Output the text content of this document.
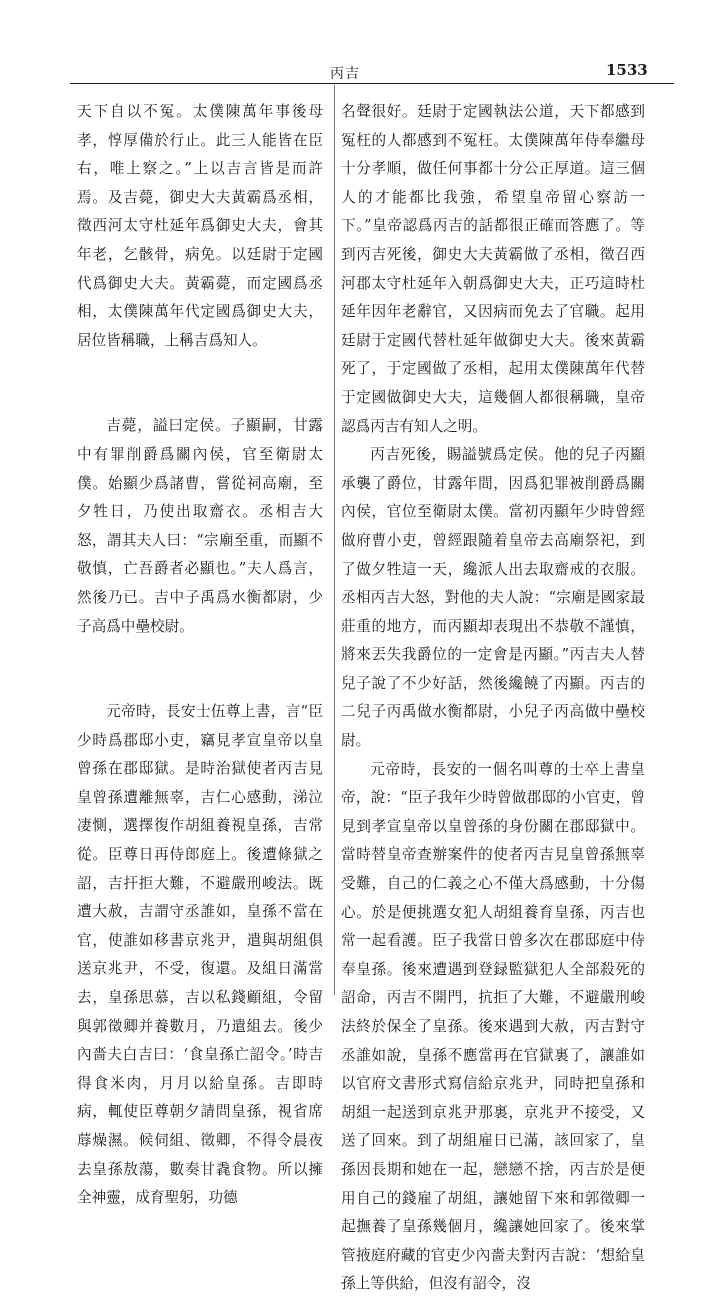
丙吉	1533

天下自以不冤。太僕陳萬年事後母孝，惇厚備於行止。此三人能皆在臣右，唯上察之。”上以吉言皆是而許焉。及吉薨，御史大夫黃霸爲丞相，徵西河太守杜延年爲御史大夫，會其年老，乞骸骨，病免。以廷尉于定國代爲御史大夫。黃霸薨，而定國爲丞相，太僕陳萬年代定國爲御史大夫，居位皆稱職，上稱吉爲知人。

吉薨，謚曰定侯。子顯嗣，甘露中有罪削爵爲關內侯，官至衛尉太僕。始顯少爲諸曹，嘗從祠高廟，至夕牲日，乃使出取齋衣。丞相吉大怒，謂其夫人曰：“宗廟至重，而顯不敬慎，亡吾爵者必顯也。”夫人爲言，然後乃已。吉中子禹爲水衡都尉，少子高爲中壘校尉。

元帝時，長安士伍尊上書，言“臣少時爲郡邸小吏，竊見孝宣皇帝以皇曾孫在郡邸獄。是時治獄使者丙吉見皇曾孫遭離無辜，吉仁心感動，涕泣凄惻，選擇復作胡組養視皇孫，吉常從。臣尊日再侍郎庭上。後遭條獄之詔，吉扞拒大難，不避嚴刑峻法。既遭大赦，吉謂守丞誰如，皇孫不當在官，使誰如移書京兆尹，遣與胡組俱送京兆尹，不受，復還。及組日滿當去，皇孫思慕，吉以私錢顧組，令留與郭徵卿并養數月，乃遣組去。後少內嗇夫白吉曰：‘食皇孫亡詔令。’時吉得食米肉，月月以給皇孫。吉即時病，輒使臣尊朝夕請問皇孫，視省席蓐燥濕。候伺組、徵卿，不得令晨夜去皇孫敖蕩，數奏甘毳食物。所以擁全神靈，成育聖躬，功德

名聲很好。廷尉于定國執法公道，天下都感到冤枉的人都感到不冤枉。太僕陳萬年侍奉繼母十分孝順，做任何事都十分公正厚道。這三個人的才能都比我強，希望皇帝留心察訪一下。”皇帝認爲丙吉的話都很正確而答應了。等到丙吉死後，御史大夫黃霸做了丞相，徵召西河郡太守杜延年入朝爲御史大夫，正巧這時杜延年因年老辭官，又因病而免去了官職。起用廷尉于定國代替杜延年做御史大夫。後來黃霸死了，于定國做了丞相，起用太僕陳萬年代替于定國做御史大夫，這幾個人都很稱職，皇帝認爲丙吉有知人之明。

丙吉死後，賜謚號爲定侯。他的兒子丙顯承襲了爵位，甘露年間，因爲犯罪被削爵爲關內侯，官位至衛尉太僕。當初丙顯年少時曾經做府曹小吏，曾經跟隨着皇帝去高廟祭祀，到了做夕牲這一天，纔派人出去取齋戒的衣服。丞相丙吉大怒，對他的夫人說：“宗廟是國家最莊重的地方，而丙顯却表現出不恭敬不謹慎，將來丟失我爵位的一定會是丙顯。”丙吉夫人替兒子說了不少好話，然後纔饒了丙顯。丙吉的二兒子丙禹做水衡都尉，小兒子丙高做中壘校尉。

元帝時，長安的一個名叫尊的士卒上書皇帝，說：“臣子我年少時曾做郡邸的小官吏，曾見到孝宣皇帝以皇曾孫的身份關在郡邸獄中。當時替皇帝查辦案件的使者丙吉見皇曾孫無辜受難，自己的仁義之心不僅大爲感動，十分傷心。於是便挑選女犯人胡組養育皇孫，丙吉也常一起看護。臣子我當日曾多次在郡邸庭中侍奉皇孫。後來遭遇到登録監獄犯人全部殺死的詔命，丙吉不開門，抗拒了大難，不避嚴刑峻法終於保全了皇孫。後來遇到大赦，丙吉對守丞誰如說，皇孫不應當再在官獄裏了，讓誰如以官府文書形式寫信給京兆尹，同時把皇孫和胡組一起送到京兆尹那裏，京兆尹不接受，又送了回來。到了胡組雇日已滿，該回家了，皇孫因長期和她在一起，戀戀不捨，丙吉於是便用自己的錢雇了胡組，讓她留下來和郭徵卿一起撫養了皇孫幾個月，纔讓她回家了。後來掌管掖庭府藏的官吏少內嗇夫對丙吉說：‘想給皇孫上等供給，但沒有詔令，沒
